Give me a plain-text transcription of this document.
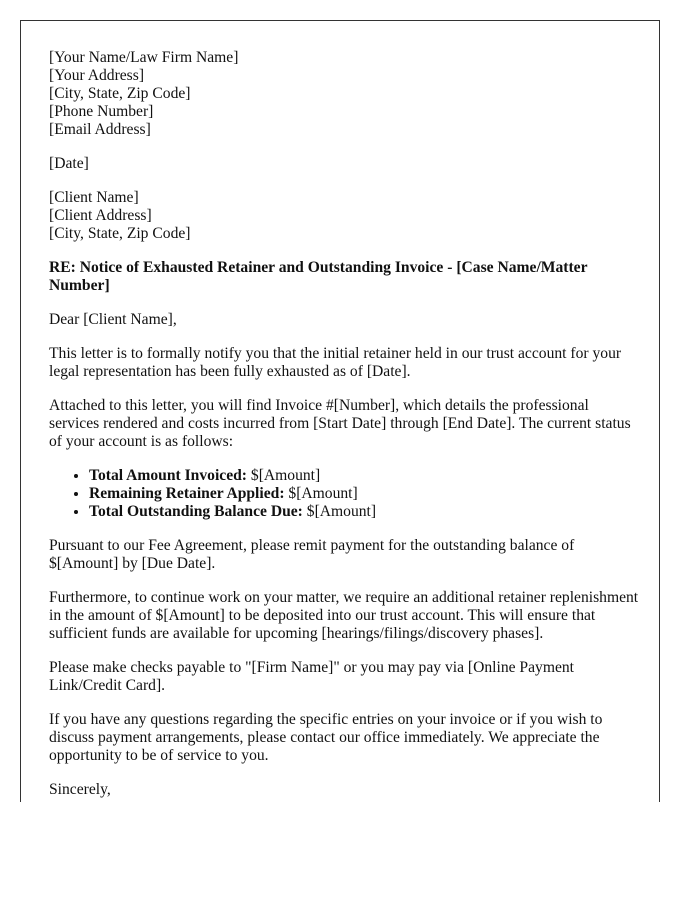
[Your Name/Law Firm Name]
[Your Address]
[City, State, Zip Code]
[Phone Number]
[Email Address]
[Date]
[Client Name]
[Client Address]
[City, State, Zip Code]

RE: Notice of Exhausted Retainer and Outstanding Invoice - [Case Name/Matter Number]

Dear [Client Name],

This letter is to formally notify you that the initial retainer held in our trust account for your legal representation has been fully exhausted as of [Date].

Attached to this letter, you will find Invoice #[Number], which details the professional services rendered and costs incurred from [Start Date] through [End Date]. The current status of your account is as follows:

• Total Amount Invoiced: $[Amount]
• Remaining Retainer Applied: $[Amount]
• Total Outstanding Balance Due: $[Amount]

Pursuant to our Fee Agreement, please remit payment for the outstanding balance of $[Amount] by [Due Date].

Furthermore, to continue work on your matter, we require an additional retainer replenishment in the amount of $[Amount] to be deposited into our trust account. This will ensure that sufficient funds are available for upcoming [hearings/filings/discovery phases].

Please make checks payable to "[Firm Name]" or you may pay via [Online Payment Link/Credit Card].

If you have any questions regarding the specific entries on your invoice or if you wish to discuss payment arrangements, please contact our office immediately. We appreciate the opportunity to be of service to you.

Sincerely,
